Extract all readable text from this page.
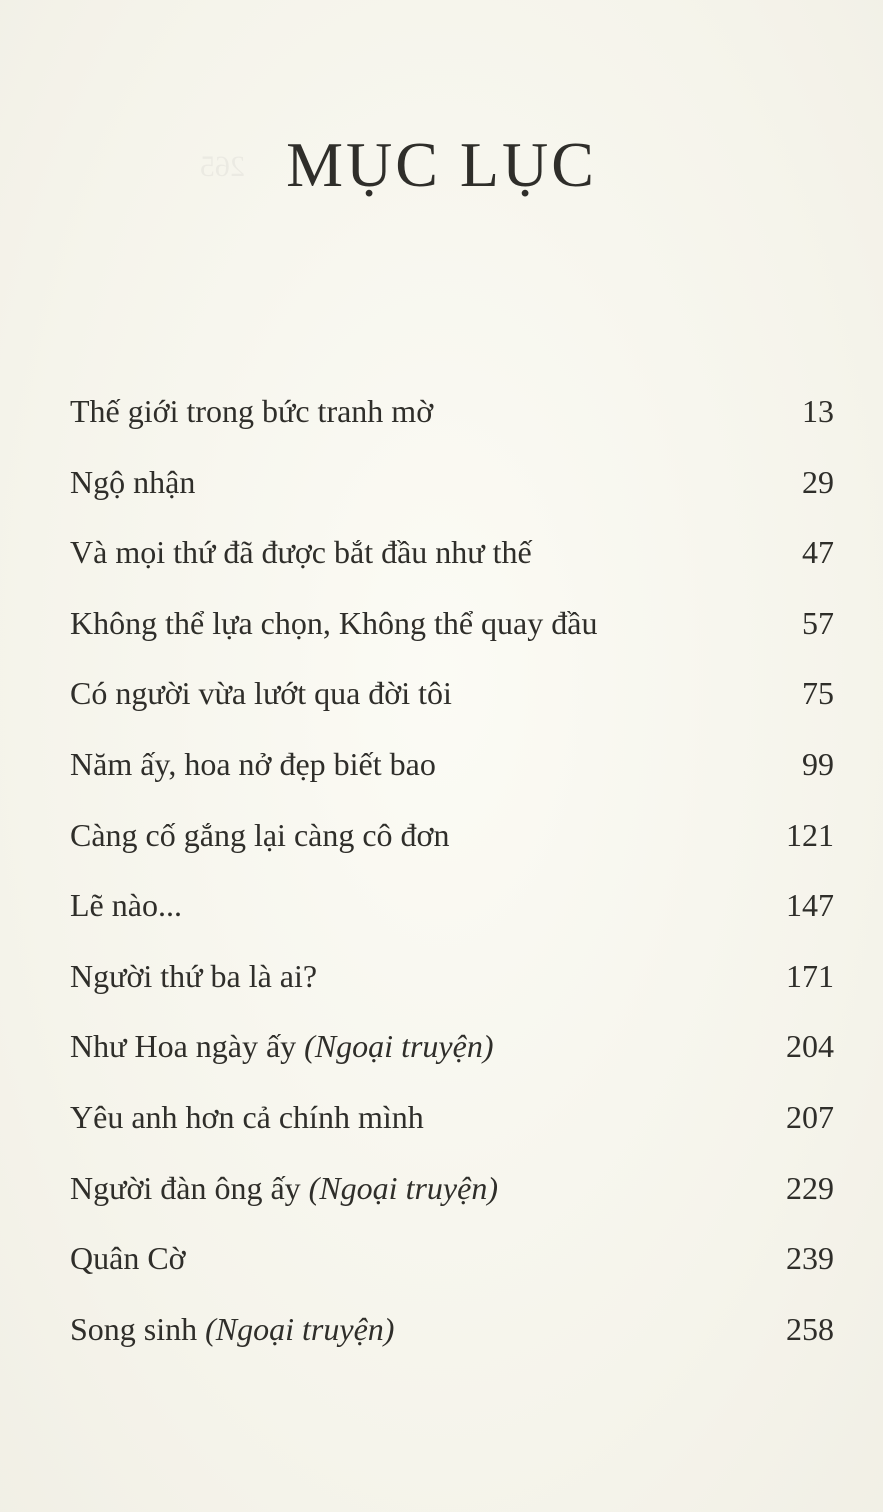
265 MỤC LỤC
Thế giới trong bức tranh mờ	13
Ngộ nhận	29
Và mọi thứ đã được bắt đầu như thế	47
Không thể lựa chọn, Không thể quay đầu	57
Có người vừa lướt qua đời tôi	75
Năm ấy, hoa nở đẹp biết bao	99
Càng cố gắng lại càng cô đơn	121
Lẽ nào...	147
Người thứ ba là ai?	171
Như Hoa ngày ấy (Ngoại truyện)	204
Yêu anh hơn cả chính mình	207
Người đàn ông ấy (Ngoại truyện)	229
Quân Cờ	239
Song sinh (Ngoại truyện)	258
